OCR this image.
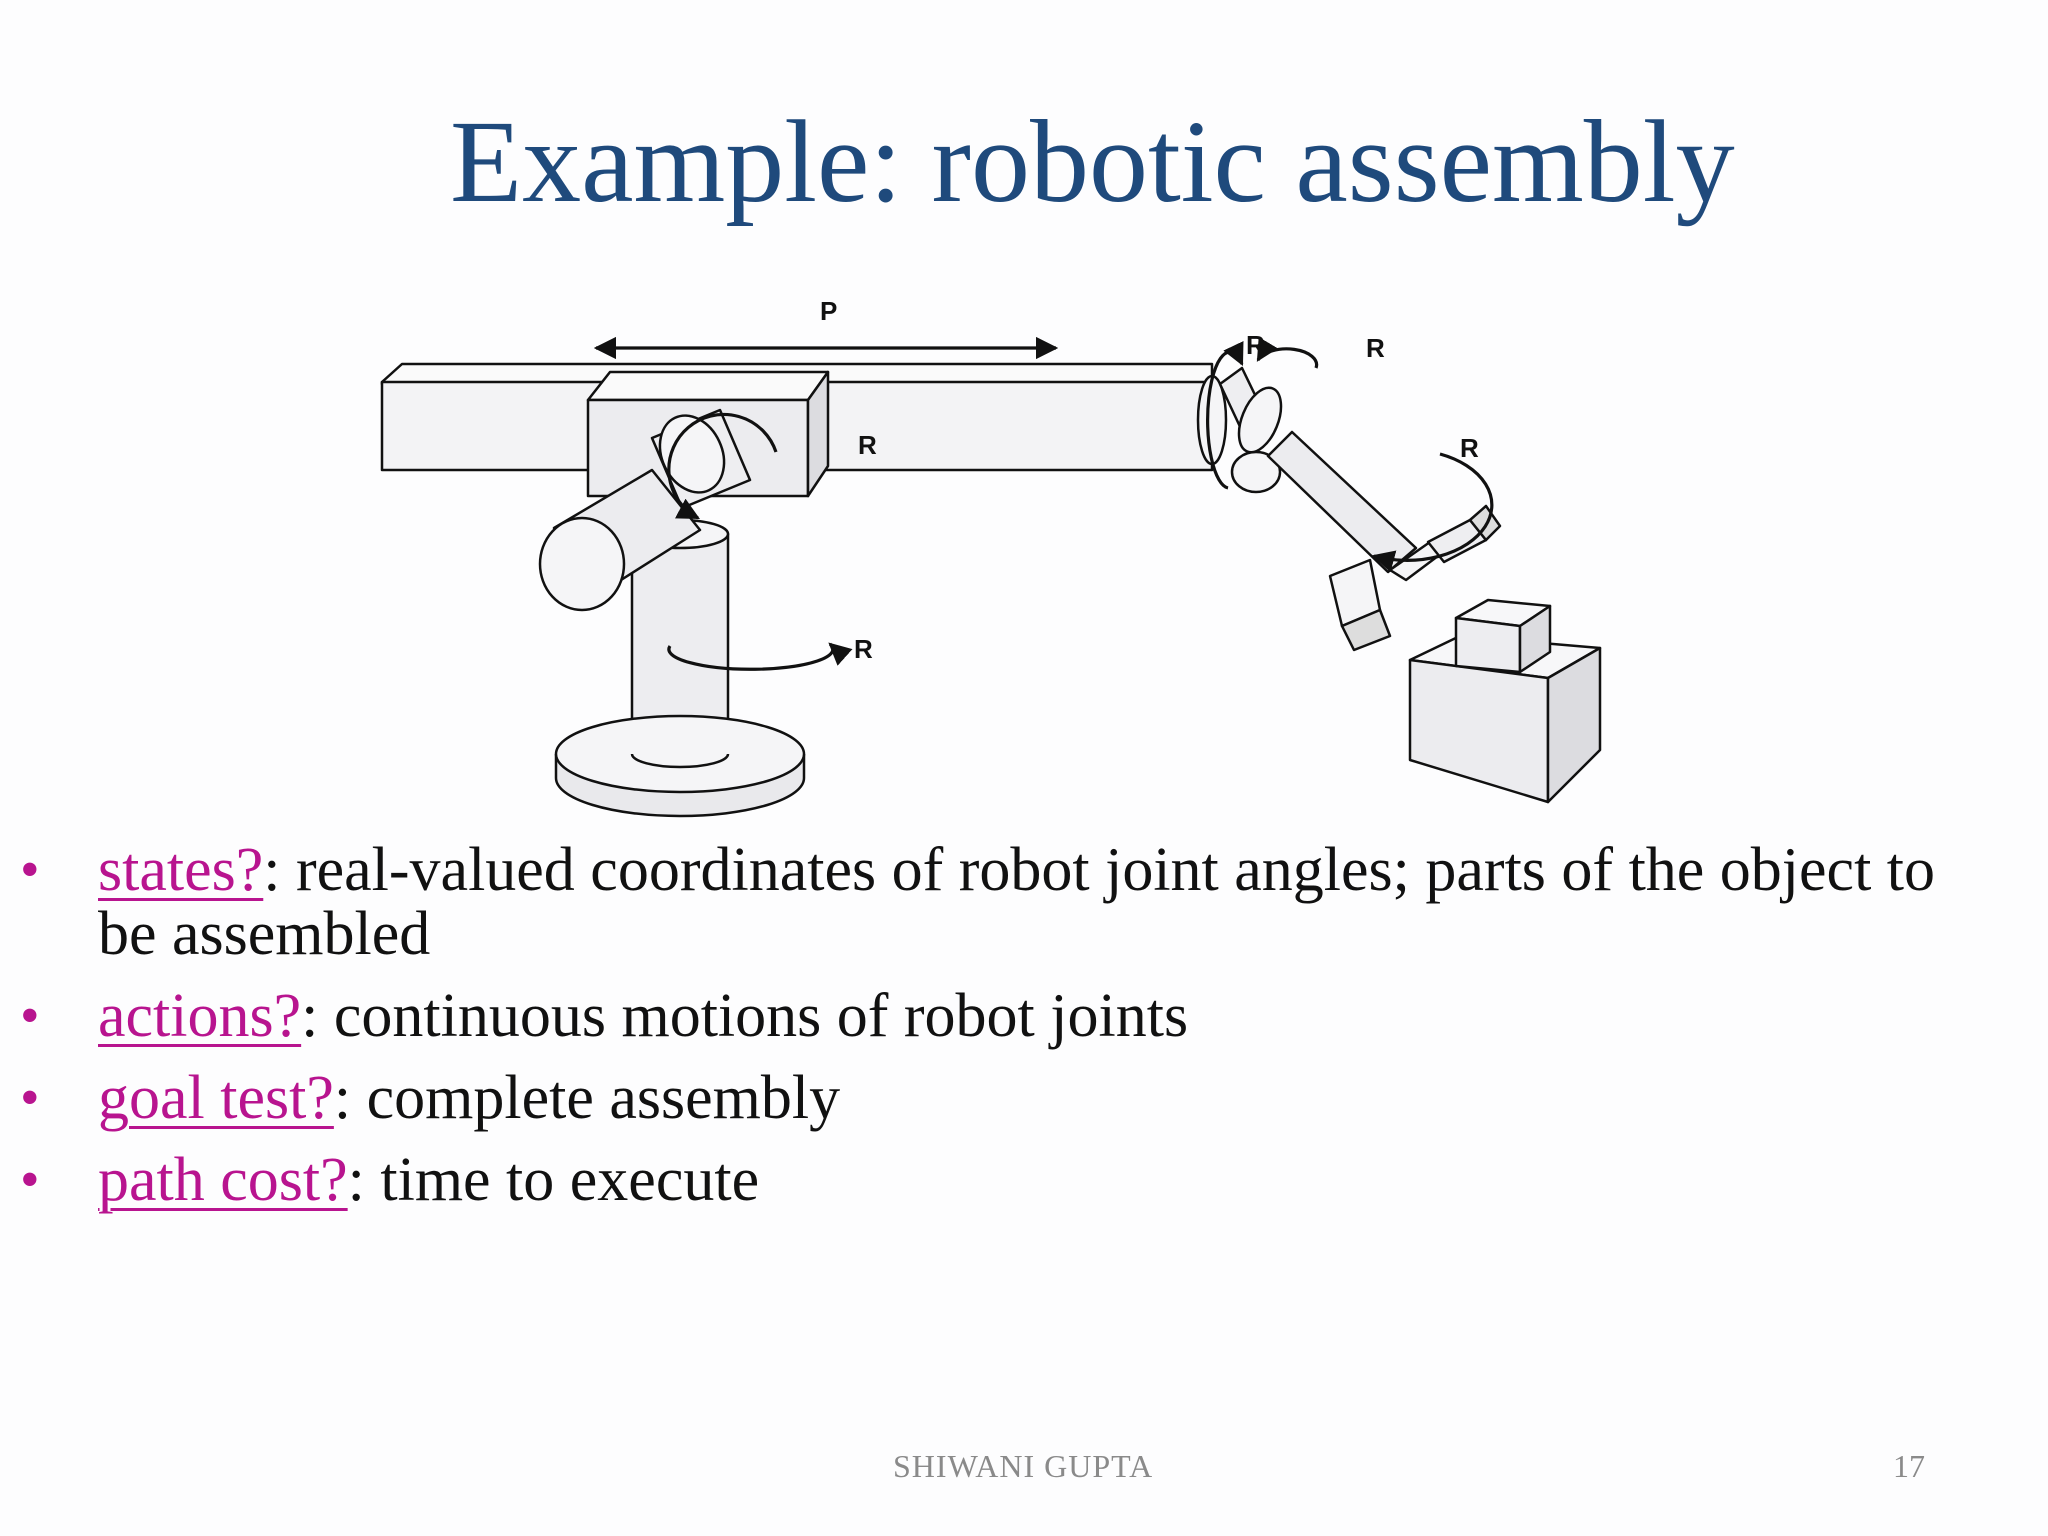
Example: robotic assembly
P
R
R
R	R
R
• states?: real-valued coordinates of robot joint angles; parts of the object to be assembled
• actions?: continuous motions of robot joints
• goal test?: complete assembly
• path cost?: time to execute
SHIWANI GUPTA	17
